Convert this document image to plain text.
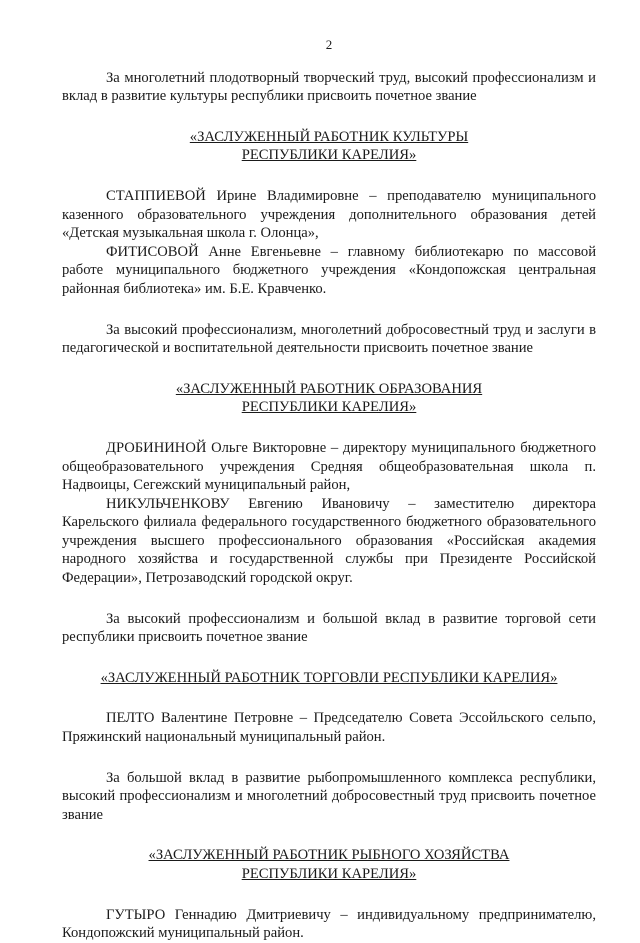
2

За многолетний плодотворный творческий труд, высокий профессионализм и вклад в развитие культуры республики присвоить почетное звание

«ЗАСЛУЖЕННЫЙ РАБОТНИК КУЛЬТУРЫ
РЕСПУБЛИКИ КАРЕЛИЯ»

СТАППИЕВОЙ Ирине Владимировне – преподавателю муниципального казенного образовательного учреждения дополнительного образования детей «Детская музыкальная школа г. Олонца»,

ФИТИСОВОЙ Анне Евгеньевне – главному библиотекарю по массовой работе муниципального бюджетного учреждения «Кондопожская центральная районная библиотека» им. Б.Е. Кравченко.

За высокий профессионализм, многолетний добросовестный труд и заслуги в педагогической и воспитательной деятельности присвоить почетное звание

«ЗАСЛУЖЕННЫЙ РАБОТНИК ОБРАЗОВАНИЯ
РЕСПУБЛИКИ КАРЕЛИЯ»

ДРОБИНИНОЙ Ольге Викторовне – директору муниципального бюджетного общеобразовательного учреждения Средняя общеобразовательная школа п. Надвоицы, Сегежский муниципальный район,

НИКУЛЬЧЕНКОВУ Евгению Ивановичу – заместителю директора Карельского филиала федерального государственного бюджетного образовательного учреждения высшего профессионального образования «Российская академия народного хозяйства и государственной службы при Президенте Российской Федерации», Петрозаводский городской округ.

За высокий профессионализм и большой вклад в развитие торговой сети республики присвоить почетное звание

«ЗАСЛУЖЕННЫЙ РАБОТНИК ТОРГОВЛИ РЕСПУБЛИКИ КАРЕЛИЯ»

ПЕЛТО Валентине Петровне – Председателю Совета Эссойльского сельпо, Пряжинский национальный муниципальный район.

За большой вклад в развитие рыбопромышленного комплекса республики, высокий профессионализм и многолетний добросовестный труд присвоить почетное звание

«ЗАСЛУЖЕННЫЙ РАБОТНИК РЫБНОГО ХОЗЯЙСТВА
РЕСПУБЛИКИ КАРЕЛИЯ»

ГУТЫРО Геннадию Дмитриевичу – индивидуальному предпринимателю, Кондопожский муниципальный район.
